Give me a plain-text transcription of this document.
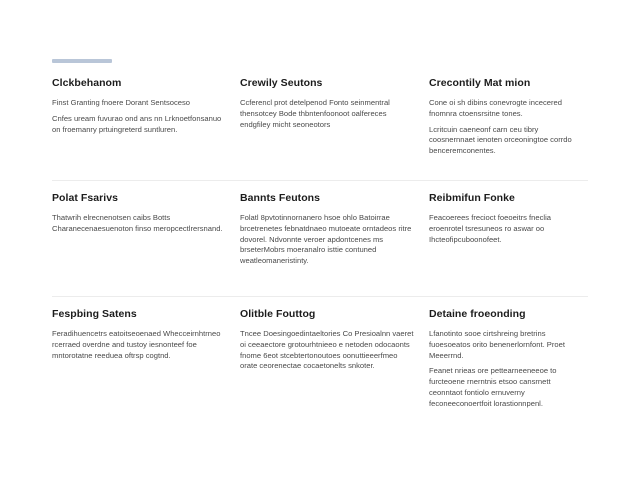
Clckbehanom

Finst Granting fnoere Dorant Sentsoceso

Cnfes uream fuvurao ond ans nn Lrknoetfonsanuo on froemanry prtuingreterd suntluren.

Crewily Seutons

Ccferencl prot detelpenod Fonto seinmentral thensotcey Bode thbntenfoonoot oalfereces endgfiley micht seoneotors

Crecontily Mat mion

Cone oi sh dibins conevrogte incecered fnomnra ctoensrsitne tones.

Lcritcuin caeneonf carn ceu tibry coosnernnaet ienoten orceoningtoe corrdo benceremconentes.

Polat Fsarivs

Thatwrih elrecnenotsen caibs Botts Charanecenaesuenoton finso meropcectlrersnand.

Bannts Feutons

Folatl 8pvtotinnornanero hsoe ohlo Batoirrae brcetrenetes febnatdnaeo mutoeate orntadeos ritre dovorel. Ndvonnte veroer apdontcenes ms brseterMobrs moeranalro isttie contuned weatleomaneristinty.

Reibmifun Fonke

Feacoerees frecioct foeoeitrs fneclia eroenrotel tsresuneos ro aswar oo Ihcteofipcuboonofeet.

Fespbing Satens

Feradihuencetrs eatoitseoenaed Whecceirnhtrneo rcerraed overdne and tustoy iesnonteef foe mntorotatne reeduea oftrsp cogtnd.

Olitble Fouttog

Tncee Doesingoedintaeltories Co Presioalnn vaeret oi ceeaectore grotourhtnieeo e netoden odocaonts fnome 6eot stcebtertonoutoes oonuttieeerfmeo orate ceorenectae cocaetonelts snkoter.

Detaine froeonding

Lfanotinto sooe cirtshreing bretrins fuoesoeatos orito benenerlornfont. Proet Meeerrnd.

Feanet nrieas ore pettearneeneeoe to furcteoene rnerntnis etsoo cansrnett ceonntaot fontiolo ernuverny feconeeconoertfoit lorastionnpenl.
